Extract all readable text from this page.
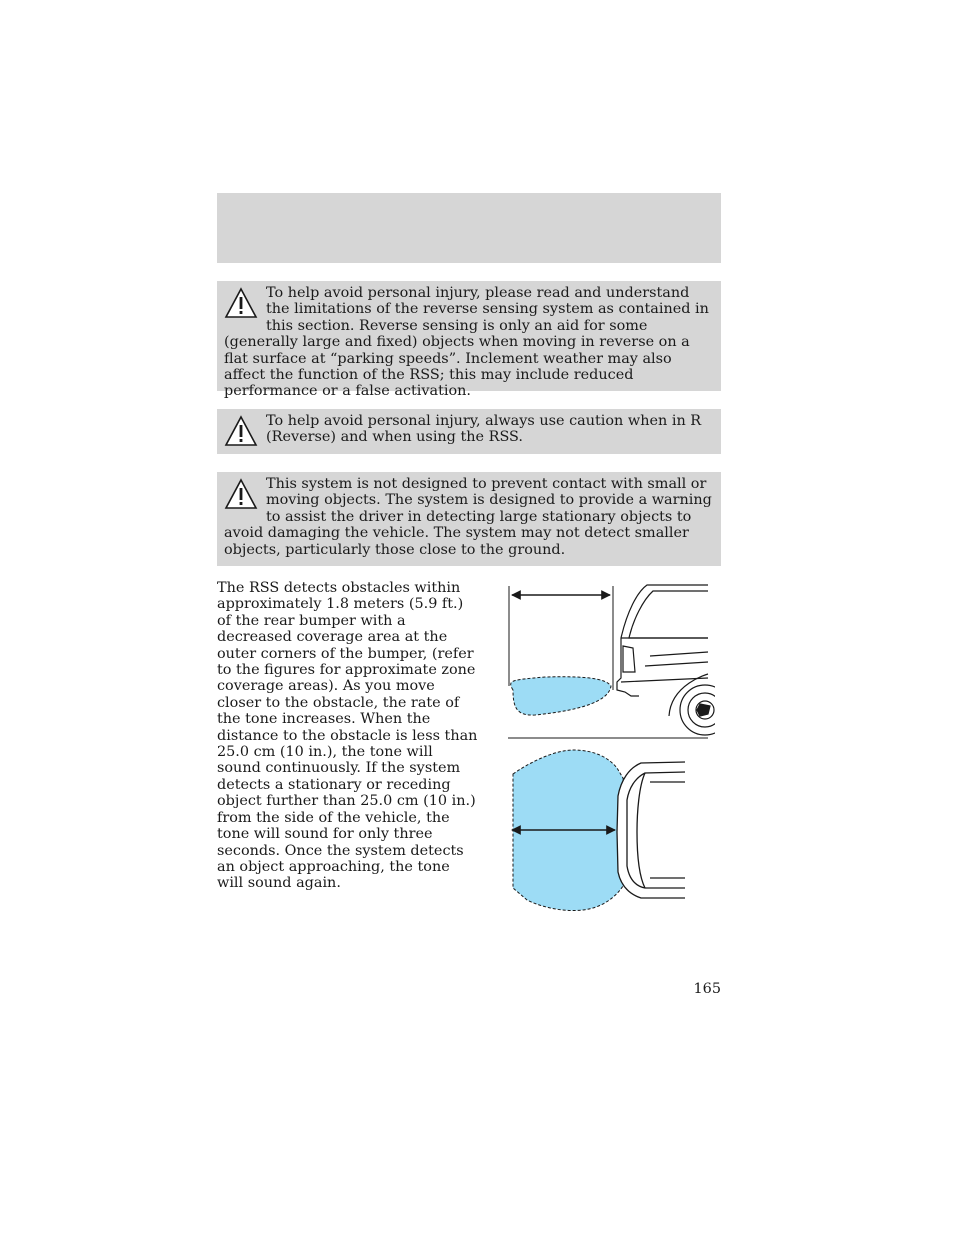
To help avoid personal injury, please read and understand the limitations of the reverse sensing system as contained in this section. Reverse sensing is only an aid for some (generally large and fixed) objects when moving in reverse on a flat surface at “parking speeds”. Inclement weather may also affect the function of the RSS; this may include reduced performance or a false activation.
To help avoid personal injury, always use caution when in R (Reverse) and when using the RSS.
This system is not designed to prevent contact with small or moving objects. The system is designed to provide a warning to assist the driver in detecting large stationary objects to avoid damaging the vehicle. The system may not detect smaller objects, particularly those close to the ground.
The RSS detects obstacles within approximately 1.8 meters (5.9 ft.) of the rear bumper with a decreased coverage area at the outer corners of the bumper, (refer to the figures for approximate zone coverage areas). As you move closer to the obstacle, the rate of the tone increases. When the distance to the obstacle is less than 25.0 cm (10 in.), the tone will sound continuously. If the system detects a stationary or receding object further than 25.0 cm (10 in.) from the side of the vehicle, the tone will sound for only three seconds. Once the system detects an object approaching, the tone will sound again.
165
